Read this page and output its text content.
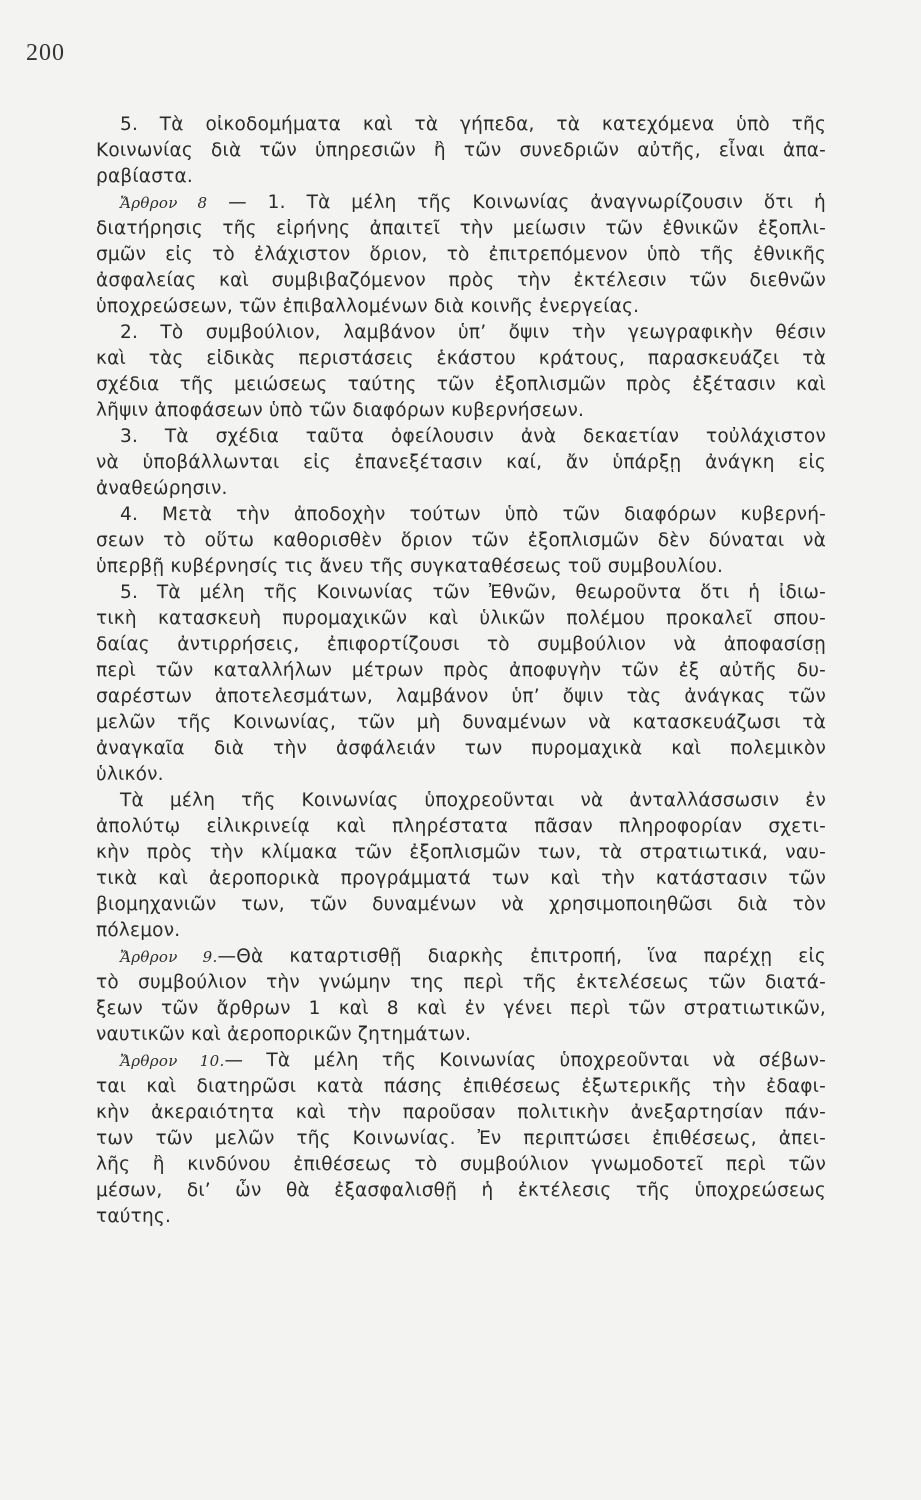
200
5. Τὰ οἰκοδομήματα καὶ τὰ γήπεδα, τὰ κατεχόμενα ὑπὸ τῆς
Κοινωνίας διὰ τῶν ὑπηρεσιῶν ἢ τῶν συνεδριῶν αὐτῆς, εἶναι ἀπα-
ραβίαστα.
Ἄρθρον 8 — 1. Τὰ μέλη τῆς Κοινωνίας ἀναγνωρίζουσιν ὅτι ἡ
διατήρησις τῆς εἰρήνης ἀπαιτεῖ τὴν μείωσιν τῶν ἐθνικῶν ἐξοπλι-
σμῶν εἰς τὸ ἐλάχιστον ὅριον, τὸ ἐπιτρεπόμενον ὑπὸ τῆς ἐθνικῆς
ἀσφαλείας καὶ συμβιβαζόμενον πρὸς τὴν ἐκτέλεσιν τῶν διεθνῶν
ὑποχρεώσεων, τῶν ἐπιβαλλομένων διὰ κοινῆς ἐνεργείας.
2. Τὸ συμβούλιον, λαμβάνον ὑπ’ ὄψιν τὴν γεωγραφικὴν θέσιν
καὶ τὰς εἰδικὰς περιστάσεις ἑκάστου κράτους, παρασκευάζει τὰ
σχέδια τῆς μειώσεως ταύτης τῶν ἐξοπλισμῶν πρὸς ἐξέτασιν καὶ
λῆψιν ἀποφάσεων ὑπὸ τῶν διαφόρων κυβερνήσεων.
3. Τὰ σχέδια ταῦτα ὀφείλουσιν ἀνὰ δεκαετίαν τοὐλάχιστον
νὰ ὑποβάλλωνται εἰς ἐπανεξέτασιν καί, ἄν ὑπάρξῃ ἀνάγκη εἰς
ἀναθεώρησιν.
4. Μετὰ τὴν ἀποδοχὴν τούτων ὑπὸ τῶν διαφόρων κυβερνή-
σεων τὸ οὕτω καθορισθὲν ὅριον τῶν ἐξοπλισμῶν δὲν δύναται νὰ
ὑπερβῇ κυβέρνησίς τις ἄνευ τῆς συγκαταθέσεως τοῦ συμβουλίου.
5. Τὰ μέλη τῆς Κοινωνίας τῶν Ἐθνῶν, θεωροῦντα ὅτι ἡ ἰδιω-
τικὴ κατασκευὴ πυρομαχικῶν καὶ ὑλικῶν πολέμου προκαλεῖ σπου-
δαίας ἀντιρρήσεις, ἐπιφορτίζουσι τὸ συμβούλιον νὰ ἀποφασίσῃ
περὶ τῶν καταλλήλων μέτρων πρὸς ἀποφυγὴν τῶν ἐξ αὐτῆς δυ-
σαρέστων ἀποτελεσμάτων, λαμβάνον ὑπ’ ὄψιν τὰς ἀνάγκας τῶν
μελῶν τῆς Κοινωνίας, τῶν μὴ δυναμένων νὰ κατασκευάζωσι τὰ
ἀναγκαῖα διὰ τὴν ἀσφάλειάν των πυρομαχικὰ καὶ πολεμικὸν
ὑλικόν.
Τὰ μέλη τῆς Κοινωνίας ὑποχρεοῦνται νὰ ἀνταλλάσσωσιν ἐν
ἀπολύτῳ εἰλικρινείᾳ καὶ πληρέστατα πᾶσαν πληροφορίαν σχετι-
κὴν πρὸς τὴν κλίμακα τῶν ἐξοπλισμῶν των, τὰ στρατιωτικά, ναυ-
τικὰ καὶ ἀεροπορικὰ προγράμματά των καὶ τὴν κατάστασιν τῶν
βιομηχανιῶν των, τῶν δυναμένων νὰ χρησιμοποιηθῶσι διὰ τὸν
πόλεμον.
Ἄρθρον 9.—Θὰ καταρτισθῇ διαρκὴς ἐπιτροπή, ἵνα παρέχῃ εἰς
τὸ συμβούλιον τὴν γνώμην της περὶ τῆς ἐκτελέσεως τῶν διατά-
ξεων τῶν ἄρθρων 1 καὶ 8 καὶ ἐν γένει περὶ τῶν στρατιωτικῶν,
ναυτικῶν καὶ ἀεροπορικῶν ζητημάτων.
Ἄρθρον 10.— Τὰ μέλη τῆς Κοινωνίας ὑποχρεοῦνται νὰ σέβων-
ται καὶ διατηρῶσι κατὰ πάσης ἐπιθέσεως ἐξωτερικῆς τὴν ἐδαφι-
κὴν ἀκεραιότητα καὶ τὴν παροῦσαν πολιτικὴν ἀνεξαρτησίαν πάν-
των τῶν μελῶν τῆς Κοινωνίας. Ἐν περιπτώσει ἐπιθέσεως, ἀπει-
λῆς ἢ κινδύνου ἐπιθέσεως τὸ συμβούλιον γνωμοδοτεῖ περὶ τῶν
μέσων, δι’ ὧν θὰ ἐξασφαλισθῇ ἡ ἐκτέλεσις τῆς ὑποχρεώσεως
ταύτης.
